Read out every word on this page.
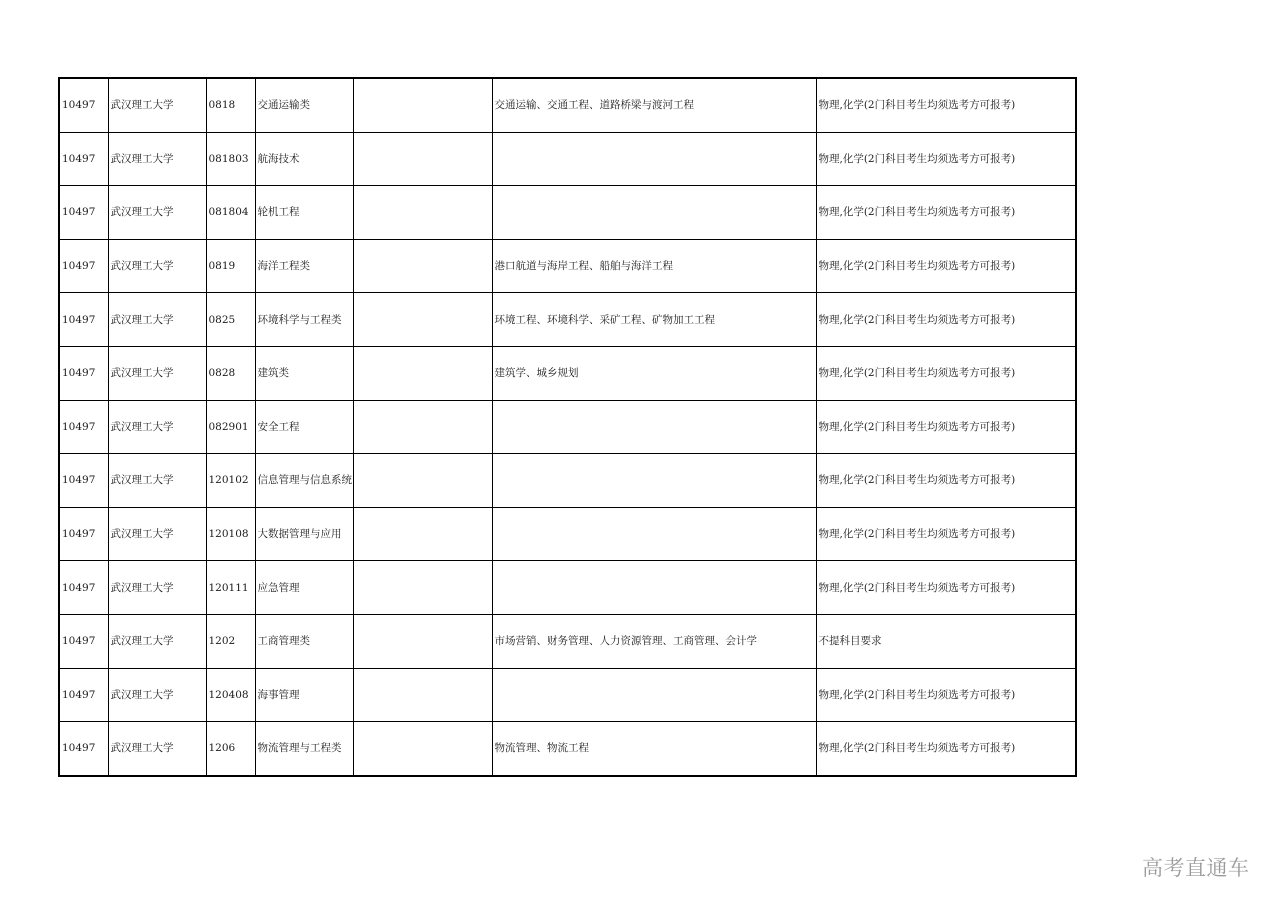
10497	武汉理工大学	0818	交通运输类		交通运输、交通工程、道路桥梁与渡河工程	物理,化学(2门科目考生均须选考方可报考)
10497	武汉理工大学	081803	航海技术			物理,化学(2门科目考生均须选考方可报考)
10497	武汉理工大学	081804	轮机工程			物理,化学(2门科目考生均须选考方可报考)
10497	武汉理工大学	0819	海洋工程类		港口航道与海岸工程、船舶与海洋工程	物理,化学(2门科目考生均须选考方可报考)
10497	武汉理工大学	0825	环境科学与工程类		环境工程、环境科学、采矿工程、矿物加工工程	物理,化学(2门科目考生均须选考方可报考)
10497	武汉理工大学	0828	建筑类		建筑学、城乡规划	物理,化学(2门科目考生均须选考方可报考)
10497	武汉理工大学	082901	安全工程			物理,化学(2门科目考生均须选考方可报考)
10497	武汉理工大学	120102	信息管理与信息系统			物理,化学(2门科目考生均须选考方可报考)
10497	武汉理工大学	120108	大数据管理与应用			物理,化学(2门科目考生均须选考方可报考)
10497	武汉理工大学	120111	应急管理			物理,化学(2门科目考生均须选考方可报考)
10497	武汉理工大学	1202	工商管理类		市场营销、财务管理、人力资源管理、工商管理、会计学	不提科目要求
10497	武汉理工大学	120408	海事管理			物理,化学(2门科目考生均须选考方可报考)
10497	武汉理工大学	1206	物流管理与工程类		物流管理、物流工程	物理,化学(2门科目考生均须选考方可报考)
高考直通车
